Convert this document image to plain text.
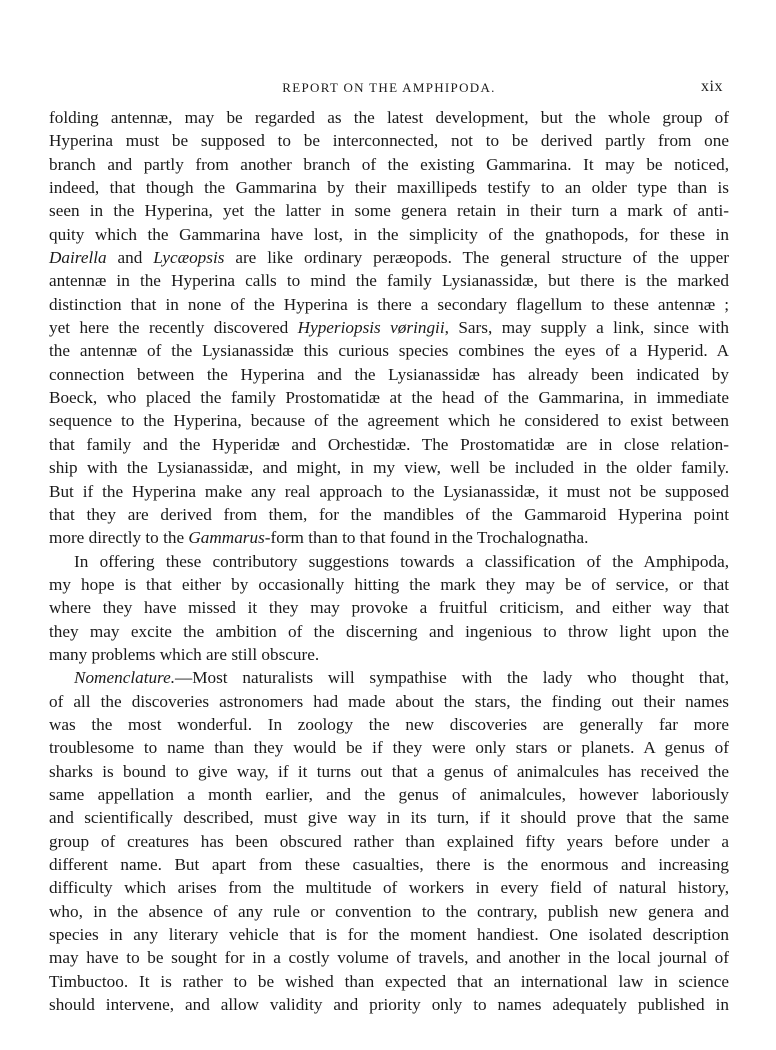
REPORT ON THE AMPHIPODA.	xix
folding antennæ, may be regarded as the latest development, but the whole group of
Hyperina must be supposed to be interconnected, not to be derived partly from one
branch and partly from another branch of the existing Gammarina. It may be noticed,
indeed, that though the Gammarina by their maxillipeds testify to an older type than is
seen in the Hyperina, yet the latter in some genera retain in their turn a mark of anti-
quity which the Gammarina have lost, in the simplicity of the gnathopods, for these in
Dairella and Lycæopsis are like ordinary peræopods. The general structure of the upper
antennæ in the Hyperina calls to mind the family Lysianassidæ, but there is the marked
distinction that in none of the Hyperina is there a secondary flagellum to these antennæ ;
yet here the recently discovered Hyperiopsis vøringii, Sars, may supply a link, since with
the antennæ of the Lysianassidæ this curious species combines the eyes of a Hyperid. A
connection between the Hyperina and the Lysianassidæ has already been indicated by
Boeck, who placed the family Prostomatidæ at the head of the Gammarina, in immediate
sequence to the Hyperina, because of the agreement which he considered to exist between
that family and the Hyperidæ and Orchestidæ. The Prostomatidæ are in close relation-
ship with the Lysianassidæ, and might, in my view, well be included in the older family.
But if the Hyperina make any real approach to the Lysianassidæ, it must not be supposed
that they are derived from them, for the mandibles of the Gammaroid Hyperina point
more directly to the Gammarus-form than to that found in the Trochalognatha.
In offering these contributory suggestions towards a classification of the Amphipoda,
my hope is that either by occasionally hitting the mark they may be of service, or that
where they have missed it they may provoke a fruitful criticism, and either way that
they may excite the ambition of the discerning and ingenious to throw light upon the
many problems which are still obscure.
Nomenclature.—Most naturalists will sympathise with the lady who thought that,
of all the discoveries astronomers had made about the stars, the finding out their names
was the most wonderful. In zoology the new discoveries are generally far more
troublesome to name than they would be if they were only stars or planets. A genus of
sharks is bound to give way, if it turns out that a genus of animalcules has received the
same appellation a month earlier, and the genus of animalcules, however laboriously
and scientifically described, must give way in its turn, if it should prove that the same
group of creatures has been obscured rather than explained fifty years before under a
different name. But apart from these casualties, there is the enormous and increasing
difficulty which arises from the multitude of workers in every field of natural history,
who, in the absence of any rule or convention to the contrary, publish new genera and
species in any literary vehicle that is for the moment handiest. One isolated description
may have to be sought for in a costly volume of travels, and another in the local journal of
Timbuctoo. It is rather to be wished than expected that an international law in science
should intervene, and allow validity and priority only to names adequately published in
